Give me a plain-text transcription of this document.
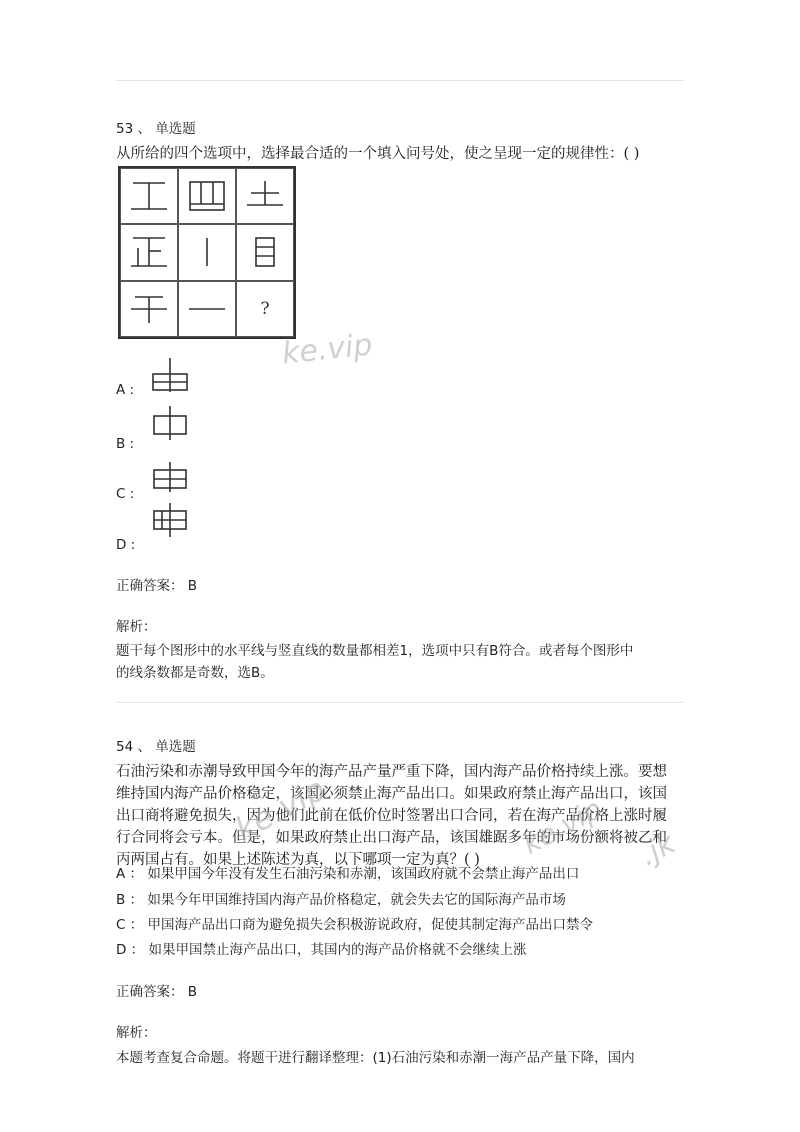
53 、 单选题
从所给的四个选项中，选择最合适的一个填入问号处，使之呈现一定的规律性：( )
?
A :
B :
C :
D :
正确答案： B
解析：
题干每个图形中的水平线与竖直线的数量都相差1，选项中只有B符合。或者每个图形中
的线条数都是奇数，选B。
54 、 单选题
石油污染和赤潮导致甲国今年的海产品产量严重下降，国内海产品价格持续上涨。要想
维持国内海产品价格稳定，该国必须禁止海产品出口。如果政府禁止海产品出口，该国
出口商将避免损失，因为他们此前在低价位时签署出口合同，若在海产品价格上涨时履
行合同将会亏本。但是，如果政府禁止出口海产品，该国雄踞多年的市场份额将被乙和
丙两国占有。如果上述陈述为真，以下哪项一定为真？( )
A ： 如果甲国今年没有发生石油污染和赤潮，该国政府就不会禁止海产品出口
B ： 如果今年甲国维持国内海产品价格稳定，就会失去它的国际海产品市场
C ： 甲国海产品出口商为避免损失会积极游说政府，促使其制定海产品出口禁令
D ： 如果甲国禁止海产品出口，其国内的海产品价格就不会继续上涨
正确答案： B
解析：
本题考查复合命题。将题干进行翻译整理：(1)石油污染和赤潮一海产品产量下降，国内
ke.vip
ke.vip	ke.vip .jk
